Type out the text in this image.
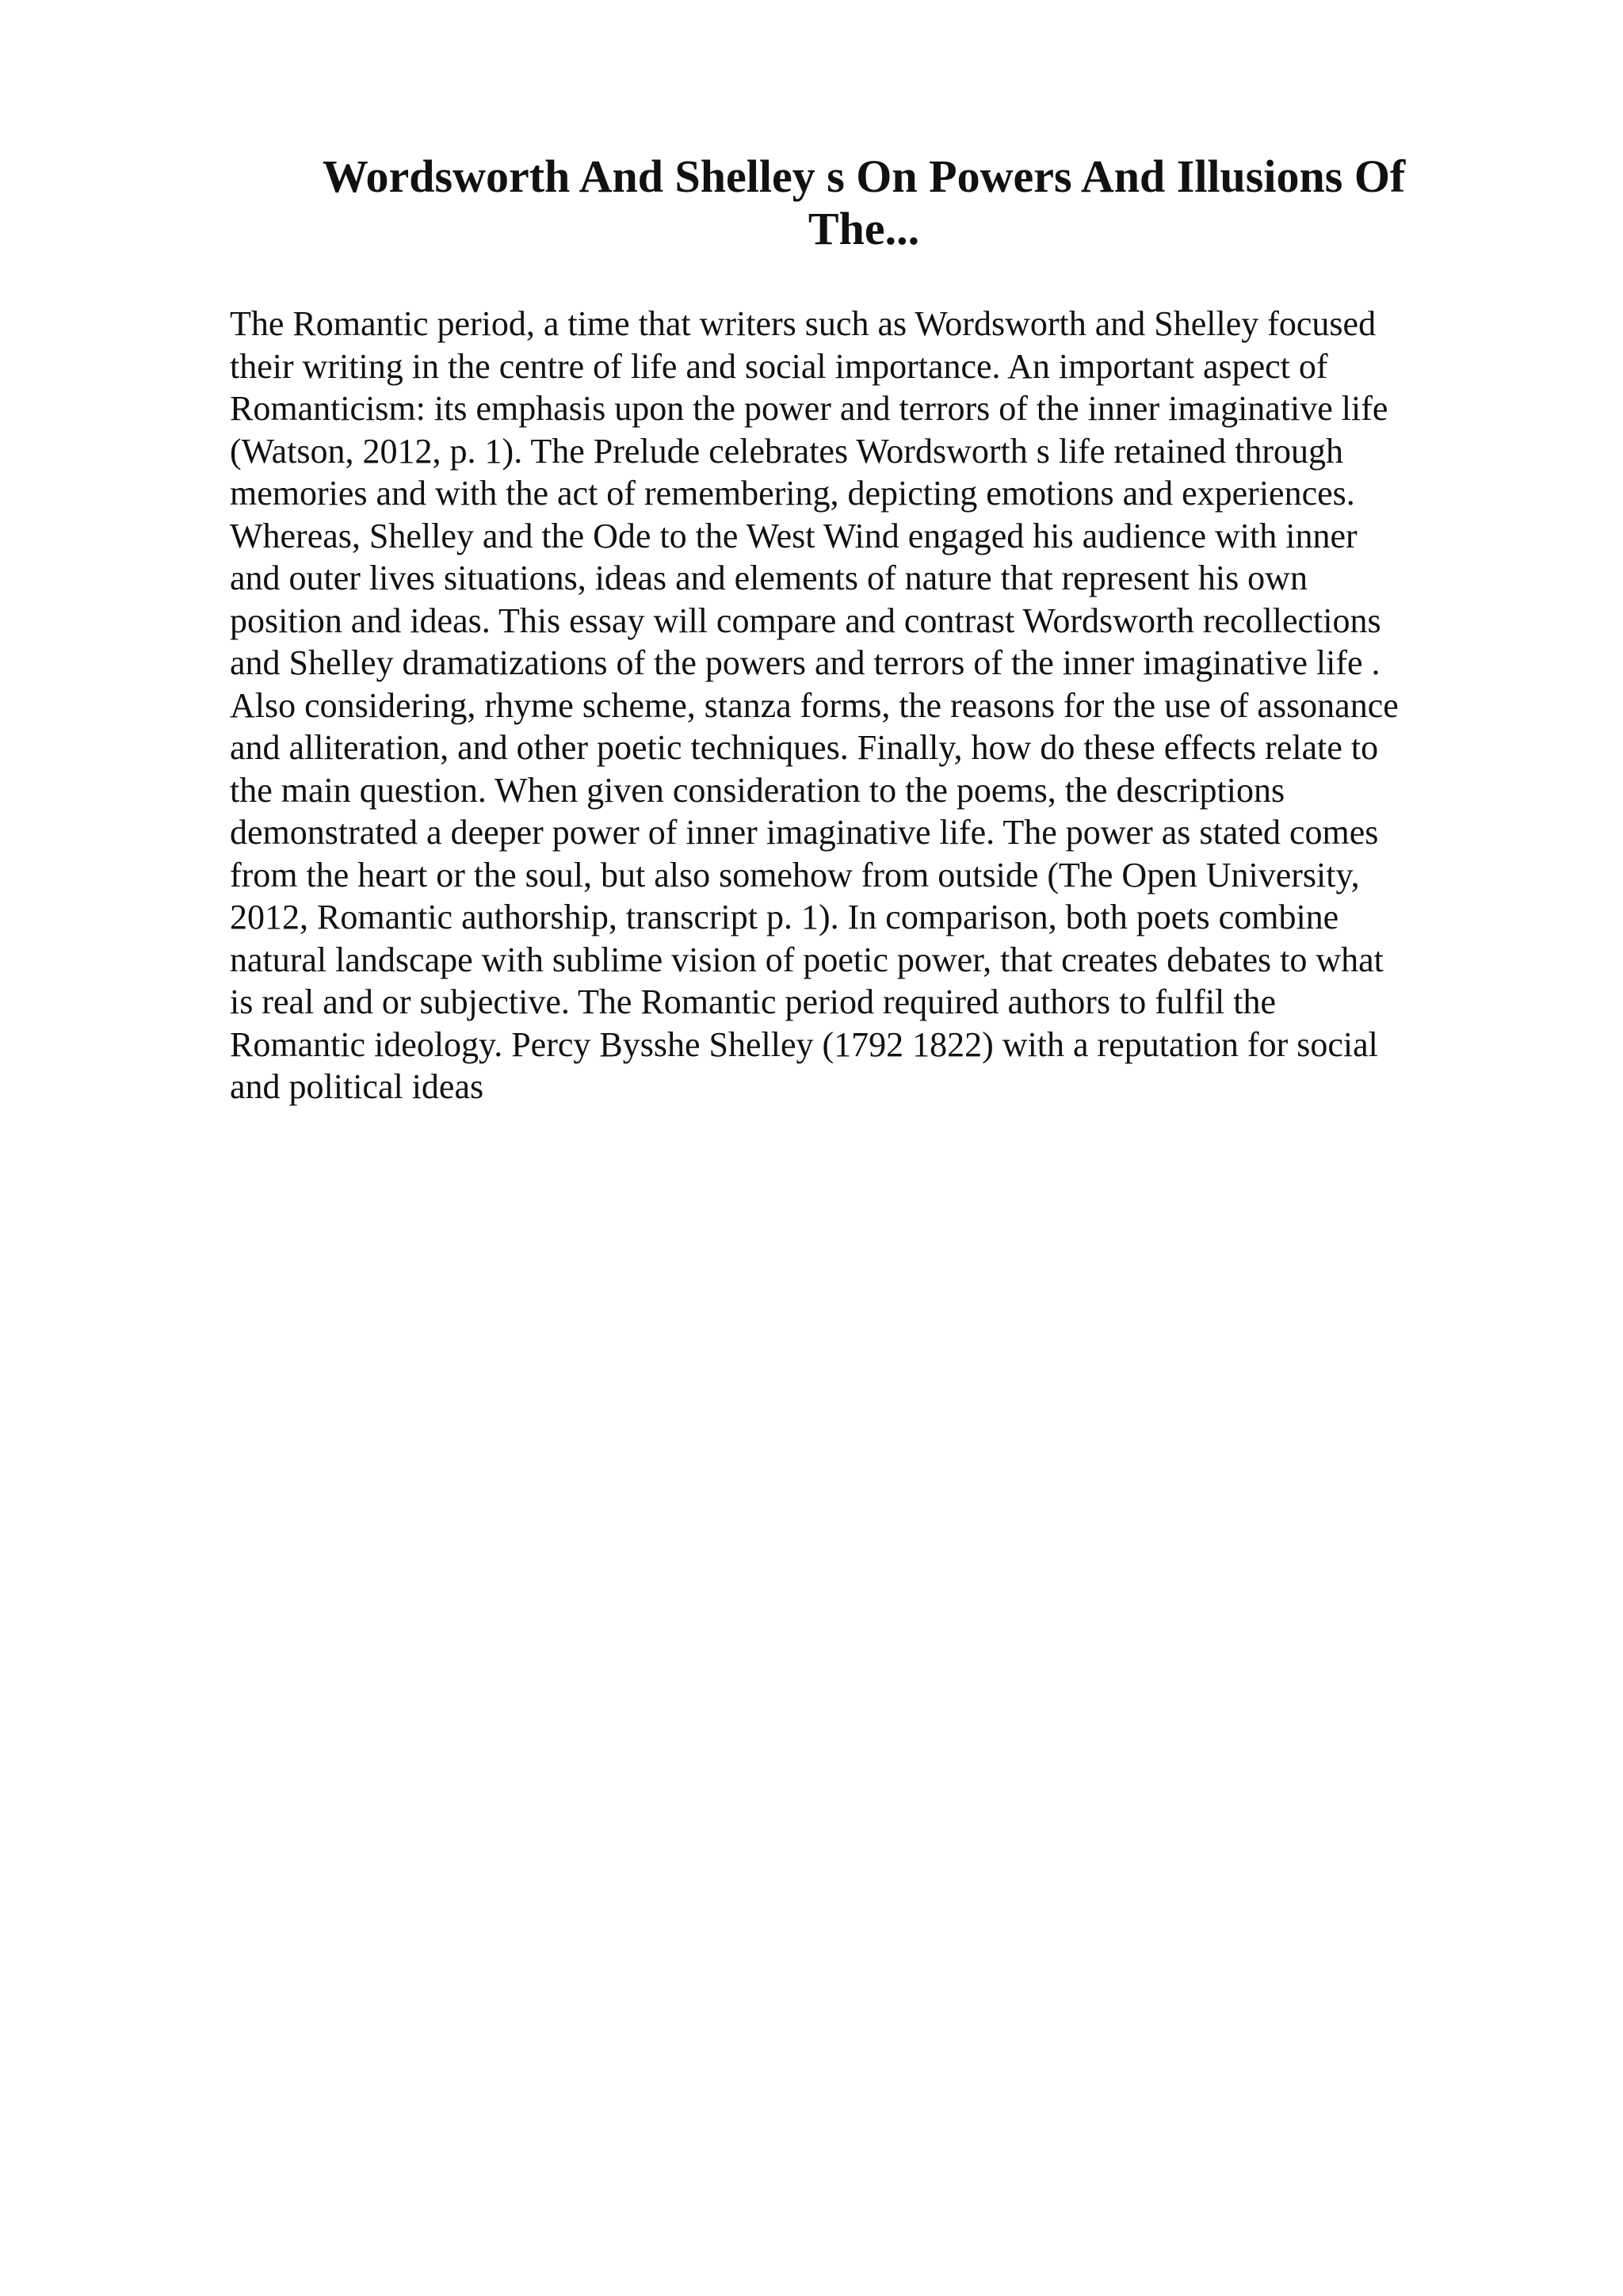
Wordsworth And Shelley s On Powers And Illusions Of
The...
The Romantic period, a time that writers such as Wordsworth and Shelley focused
their writing in the centre of life and social importance. An important aspect of
Romanticism: its emphasis upon the power and terrors of the inner imaginative life
(Watson, 2012, p. 1). The Prelude celebrates Wordsworth s life retained through
memories and with the act of remembering, depicting emotions and experiences.
Whereas, Shelley and the Ode to the West Wind engaged his audience with inner
and outer lives situations, ideas and elements of nature that represent his own
position and ideas. This essay will compare and contrast Wordsworth recollections
and Shelley dramatizations of the powers and terrors of the inner imaginative life .
Also considering, rhyme scheme, stanza forms, the reasons for the use of assonance
and alliteration, and other poetic techniques. Finally, how do these effects relate to
the main question. When given consideration to the poems, the descriptions
demonstrated a deeper power of inner imaginative life. The power as stated comes
from the heart or the soul, but also somehow from outside (The Open University,
2012, Romantic authorship, transcript p. 1). In comparison, both poets combine
natural landscape with sublime vision of poetic power, that creates debates to what
is real and or subjective. The Romantic period required authors to fulfil the
Romantic ideology. Percy Bysshe Shelley (1792 1822) with a reputation for social
and political ideas
